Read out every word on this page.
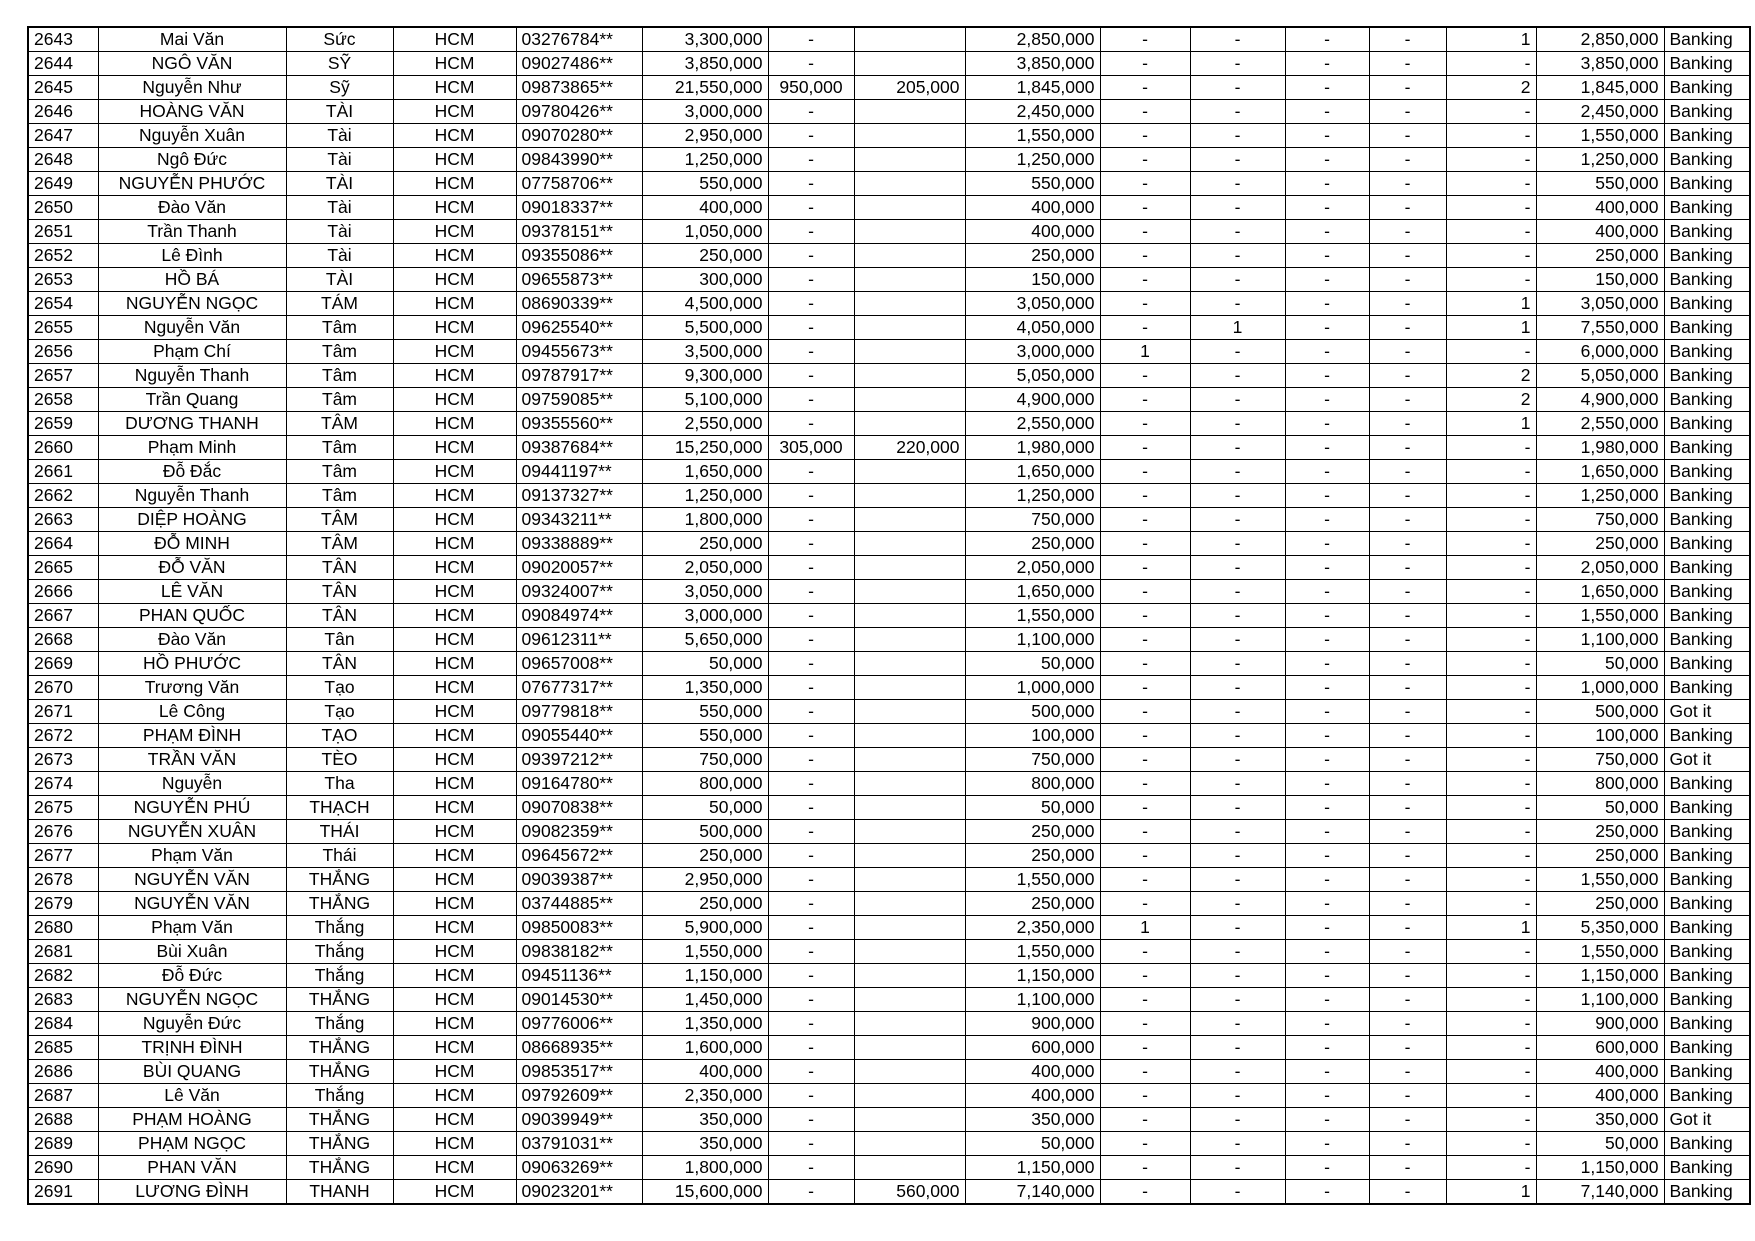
2643	Mai Văn	Sức	HCM	03276784**	3,300,000	-		2,850,000	-	-	-	-	1	2,850,000	Banking
2644	NGÔ VĂN	SỸ	HCM	09027486**	3,850,000	-		3,850,000	-	-	-	-	-	3,850,000	Banking
2645	Nguyễn Như	Sỹ	HCM	09873865**	21,550,000	950,000	205,000	1,845,000	-	-	-	-	2	1,845,000	Banking
2646	HOÀNG VĂN	TÀI	HCM	09780426**	3,000,000	-		2,450,000	-	-	-	-	-	2,450,000	Banking
2647	Nguyễn Xuân	Tài	HCM	09070280**	2,950,000	-		1,550,000	-	-	-	-	-	1,550,000	Banking
2648	Ngô Đức	Tài	HCM	09843990**	1,250,000	-		1,250,000	-	-	-	-	-	1,250,000	Banking
2649	NGUYỄN PHƯỚC	TÀI	HCM	07758706**	550,000	-		550,000	-	-	-	-	-	550,000	Banking
2650	Đào Văn	Tài	HCM	09018337**	400,000	-		400,000	-	-	-	-	-	400,000	Banking
2651	Trần Thanh	Tài	HCM	09378151**	1,050,000	-		400,000	-	-	-	-	-	400,000	Banking
2652	Lê Đình	Tài	HCM	09355086**	250,000	-		250,000	-	-	-	-	-	250,000	Banking
2653	HỒ BÁ	TÀI	HCM	09655873**	300,000	-		150,000	-	-	-	-	-	150,000	Banking
2654	NGUYỄN NGỌC	TÁM	HCM	08690339**	4,500,000	-		3,050,000	-	-	-	-	1	3,050,000	Banking
2655	Nguyễn Văn	Tâm	HCM	09625540**	5,500,000	-		4,050,000	-	1	-	-	1	7,550,000	Banking
2656	Phạm Chí	Tâm	HCM	09455673**	3,500,000	-		3,000,000	1	-	-	-	-	6,000,000	Banking
2657	Nguyễn Thanh	Tâm	HCM	09787917**	9,300,000	-		5,050,000	-	-	-	-	2	5,050,000	Banking
2658	Trần Quang	Tâm	HCM	09759085**	5,100,000	-		4,900,000	-	-	-	-	2	4,900,000	Banking
2659	DƯƠNG THANH	TÂM	HCM	09355560**	2,550,000	-		2,550,000	-	-	-	-	1	2,550,000	Banking
2660	Phạm Minh	Tâm	HCM	09387684**	15,250,000	305,000	220,000	1,980,000	-	-	-	-	-	1,980,000	Banking
2661	Đỗ Đắc	Tâm	HCM	09441197**	1,650,000	-		1,650,000	-	-	-	-	-	1,650,000	Banking
2662	Nguyễn Thanh	Tâm	HCM	09137327**	1,250,000	-		1,250,000	-	-	-	-	-	1,250,000	Banking
2663	DIỆP HOÀNG	TÂM	HCM	09343211**	1,800,000	-		750,000	-	-	-	-	-	750,000	Banking
2664	ĐỖ MINH	TÂM	HCM	09338889**	250,000	-		250,000	-	-	-	-	-	250,000	Banking
2665	ĐỖ VĂN	TÂN	HCM	09020057**	2,050,000	-		2,050,000	-	-	-	-	-	2,050,000	Banking
2666	LÊ VĂN	TÂN	HCM	09324007**	3,050,000	-		1,650,000	-	-	-	-	-	1,650,000	Banking
2667	PHAN QUỐC	TÂN	HCM	09084974**	3,000,000	-		1,550,000	-	-	-	-	-	1,550,000	Banking
2668	Đào Văn	Tân	HCM	09612311**	5,650,000	-		1,100,000	-	-	-	-	-	1,100,000	Banking
2669	HỒ PHƯỚC	TÂN	HCM	09657008**	50,000	-		50,000	-	-	-	-	-	50,000	Banking
2670	Trương Văn	Tạo	HCM	07677317**	1,350,000	-		1,000,000	-	-	-	-	-	1,000,000	Banking
2671	Lê Công	Tạo	HCM	09779818**	550,000	-		500,000	-	-	-	-	-	500,000	Got it
2672	PHẠM ĐÌNH	TẠO	HCM	09055440**	550,000	-		100,000	-	-	-	-	-	100,000	Banking
2673	TRẦN VĂN	TÈO	HCM	09397212**	750,000	-		750,000	-	-	-	-	-	750,000	Got it
2674	Nguyễn	Tha	HCM	09164780**	800,000	-		800,000	-	-	-	-	-	800,000	Banking
2675	NGUYỄN PHÚ	THẠCH	HCM	09070838**	50,000	-		50,000	-	-	-	-	-	50,000	Banking
2676	NGUYỄN XUÂN	THÁI	HCM	09082359**	500,000	-		250,000	-	-	-	-	-	250,000	Banking
2677	Phạm Văn	Thái	HCM	09645672**	250,000	-		250,000	-	-	-	-	-	250,000	Banking
2678	NGUYỄN VĂN	THẮNG	HCM	09039387**	2,950,000	-		1,550,000	-	-	-	-	-	1,550,000	Banking
2679	NGUYỄN VĂN	THẮNG	HCM	03744885**	250,000	-		250,000	-	-	-	-	-	250,000	Banking
2680	Phạm Văn	Thắng	HCM	09850083**	5,900,000	-		2,350,000	1	-	-	-	1	5,350,000	Banking
2681	Bùi Xuân	Thắng	HCM	09838182**	1,550,000	-		1,550,000	-	-	-	-	-	1,550,000	Banking
2682	Đỗ Đức	Thắng	HCM	09451136**	1,150,000	-		1,150,000	-	-	-	-	-	1,150,000	Banking
2683	NGUYỄN NGỌC	THẮNG	HCM	09014530**	1,450,000	-		1,100,000	-	-	-	-	-	1,100,000	Banking
2684	Nguyễn Đức	Thắng	HCM	09776006**	1,350,000	-		900,000	-	-	-	-	-	900,000	Banking
2685	TRỊNH ĐÌNH	THẮNG	HCM	08668935**	1,600,000	-		600,000	-	-	-	-	-	600,000	Banking
2686	BÙI QUANG	THẮNG	HCM	09853517**	400,000	-		400,000	-	-	-	-	-	400,000	Banking
2687	Lê Văn	Thắng	HCM	09792609**	2,350,000	-		400,000	-	-	-	-	-	400,000	Banking
2688	PHẠM HOÀNG	THẮNG	HCM	09039949**	350,000	-		350,000	-	-	-	-	-	350,000	Got it
2689	PHẠM NGỌC	THẮNG	HCM	03791031**	350,000	-		50,000	-	-	-	-	-	50,000	Banking
2690	PHAN VĂN	THẮNG	HCM	09063269**	1,800,000	-		1,150,000	-	-	-	-	-	1,150,000	Banking
2691	LƯƠNG ĐÌNH	THANH	HCM	09023201**	15,600,000	-	560,000	7,140,000	-	-	-	-	1	7,140,000	Banking
